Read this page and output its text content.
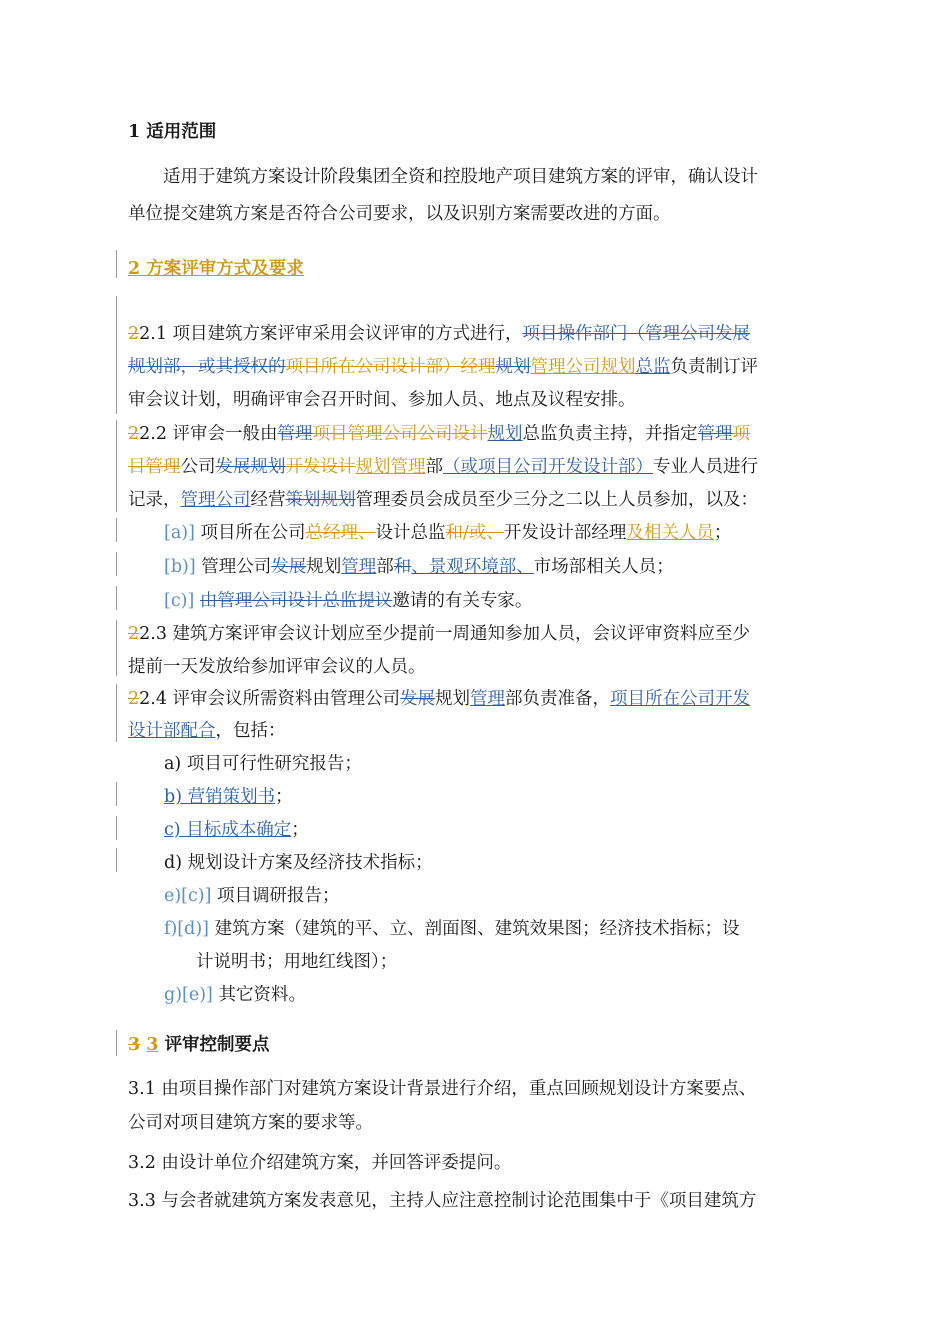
1 适用范围
适用于建筑方案设计阶段集团全资和控股地产项目建筑方案的评审，确认设计
单位提交建筑方案是否符合公司要求，以及识别方案需要改进的方面。
2 方案评审方式及要求
22.1 项目建筑方案评审采用会议评审的方式进行，项目操作部门（管理公司发展
规划部，或其授权的项目所在公司设计部）经理规划管理公司规划总监负责制订评
审会议计划，明确评审会召开时间、参加人员、地点及议程安排。
22.2 评审会一般由管理项目管理公司公司设计规划总监负责主持，并指定管理项
目管理公司发展规划开发设计规划管理部（或项目公司开发设计部）专业人员进行
记录，管理公司经营策划规划管理委员会成员至少三分之二以上人员参加，以及：
[a)] 项目所在公司总经理、设计总监和/或、开发设计部经理及相关人员；
[b)] 管理公司发展规划管理部和、景观环境部、市场部相关人员；
[c)] 由管理公司设计总监提议邀请的有关专家。
22.3 建筑方案评审会议计划应至少提前一周通知参加人员，会议评审资料应至少
提前一天发放给参加评审会议的人员。
22.4 评审会议所需资料由管理公司发展规划管理部负责准备，项目所在公司开发
设计部配合，包括：
a) 项目可行性研究报告；
b) 营销策划书；
c) 目标成本确定；
d) 规划设计方案及经济技术指标；
e)[c)] 项目调研报告；
f)[d)] 建筑方案（建筑的平、立、剖面图、建筑效果图；经济技术指标；设
计说明书；用地红线图）；
g)[e)] 其它资料。
3 3 评审控制要点
3.1 由项目操作部门对建筑方案设计背景进行介绍，重点回顾规划设计方案要点、
公司对项目建筑方案的要求等。
3.2 由设计单位介绍建筑方案，并回答评委提问。
3.3 与会者就建筑方案发表意见，主持人应注意控制讨论范围集中于《项目建筑方
